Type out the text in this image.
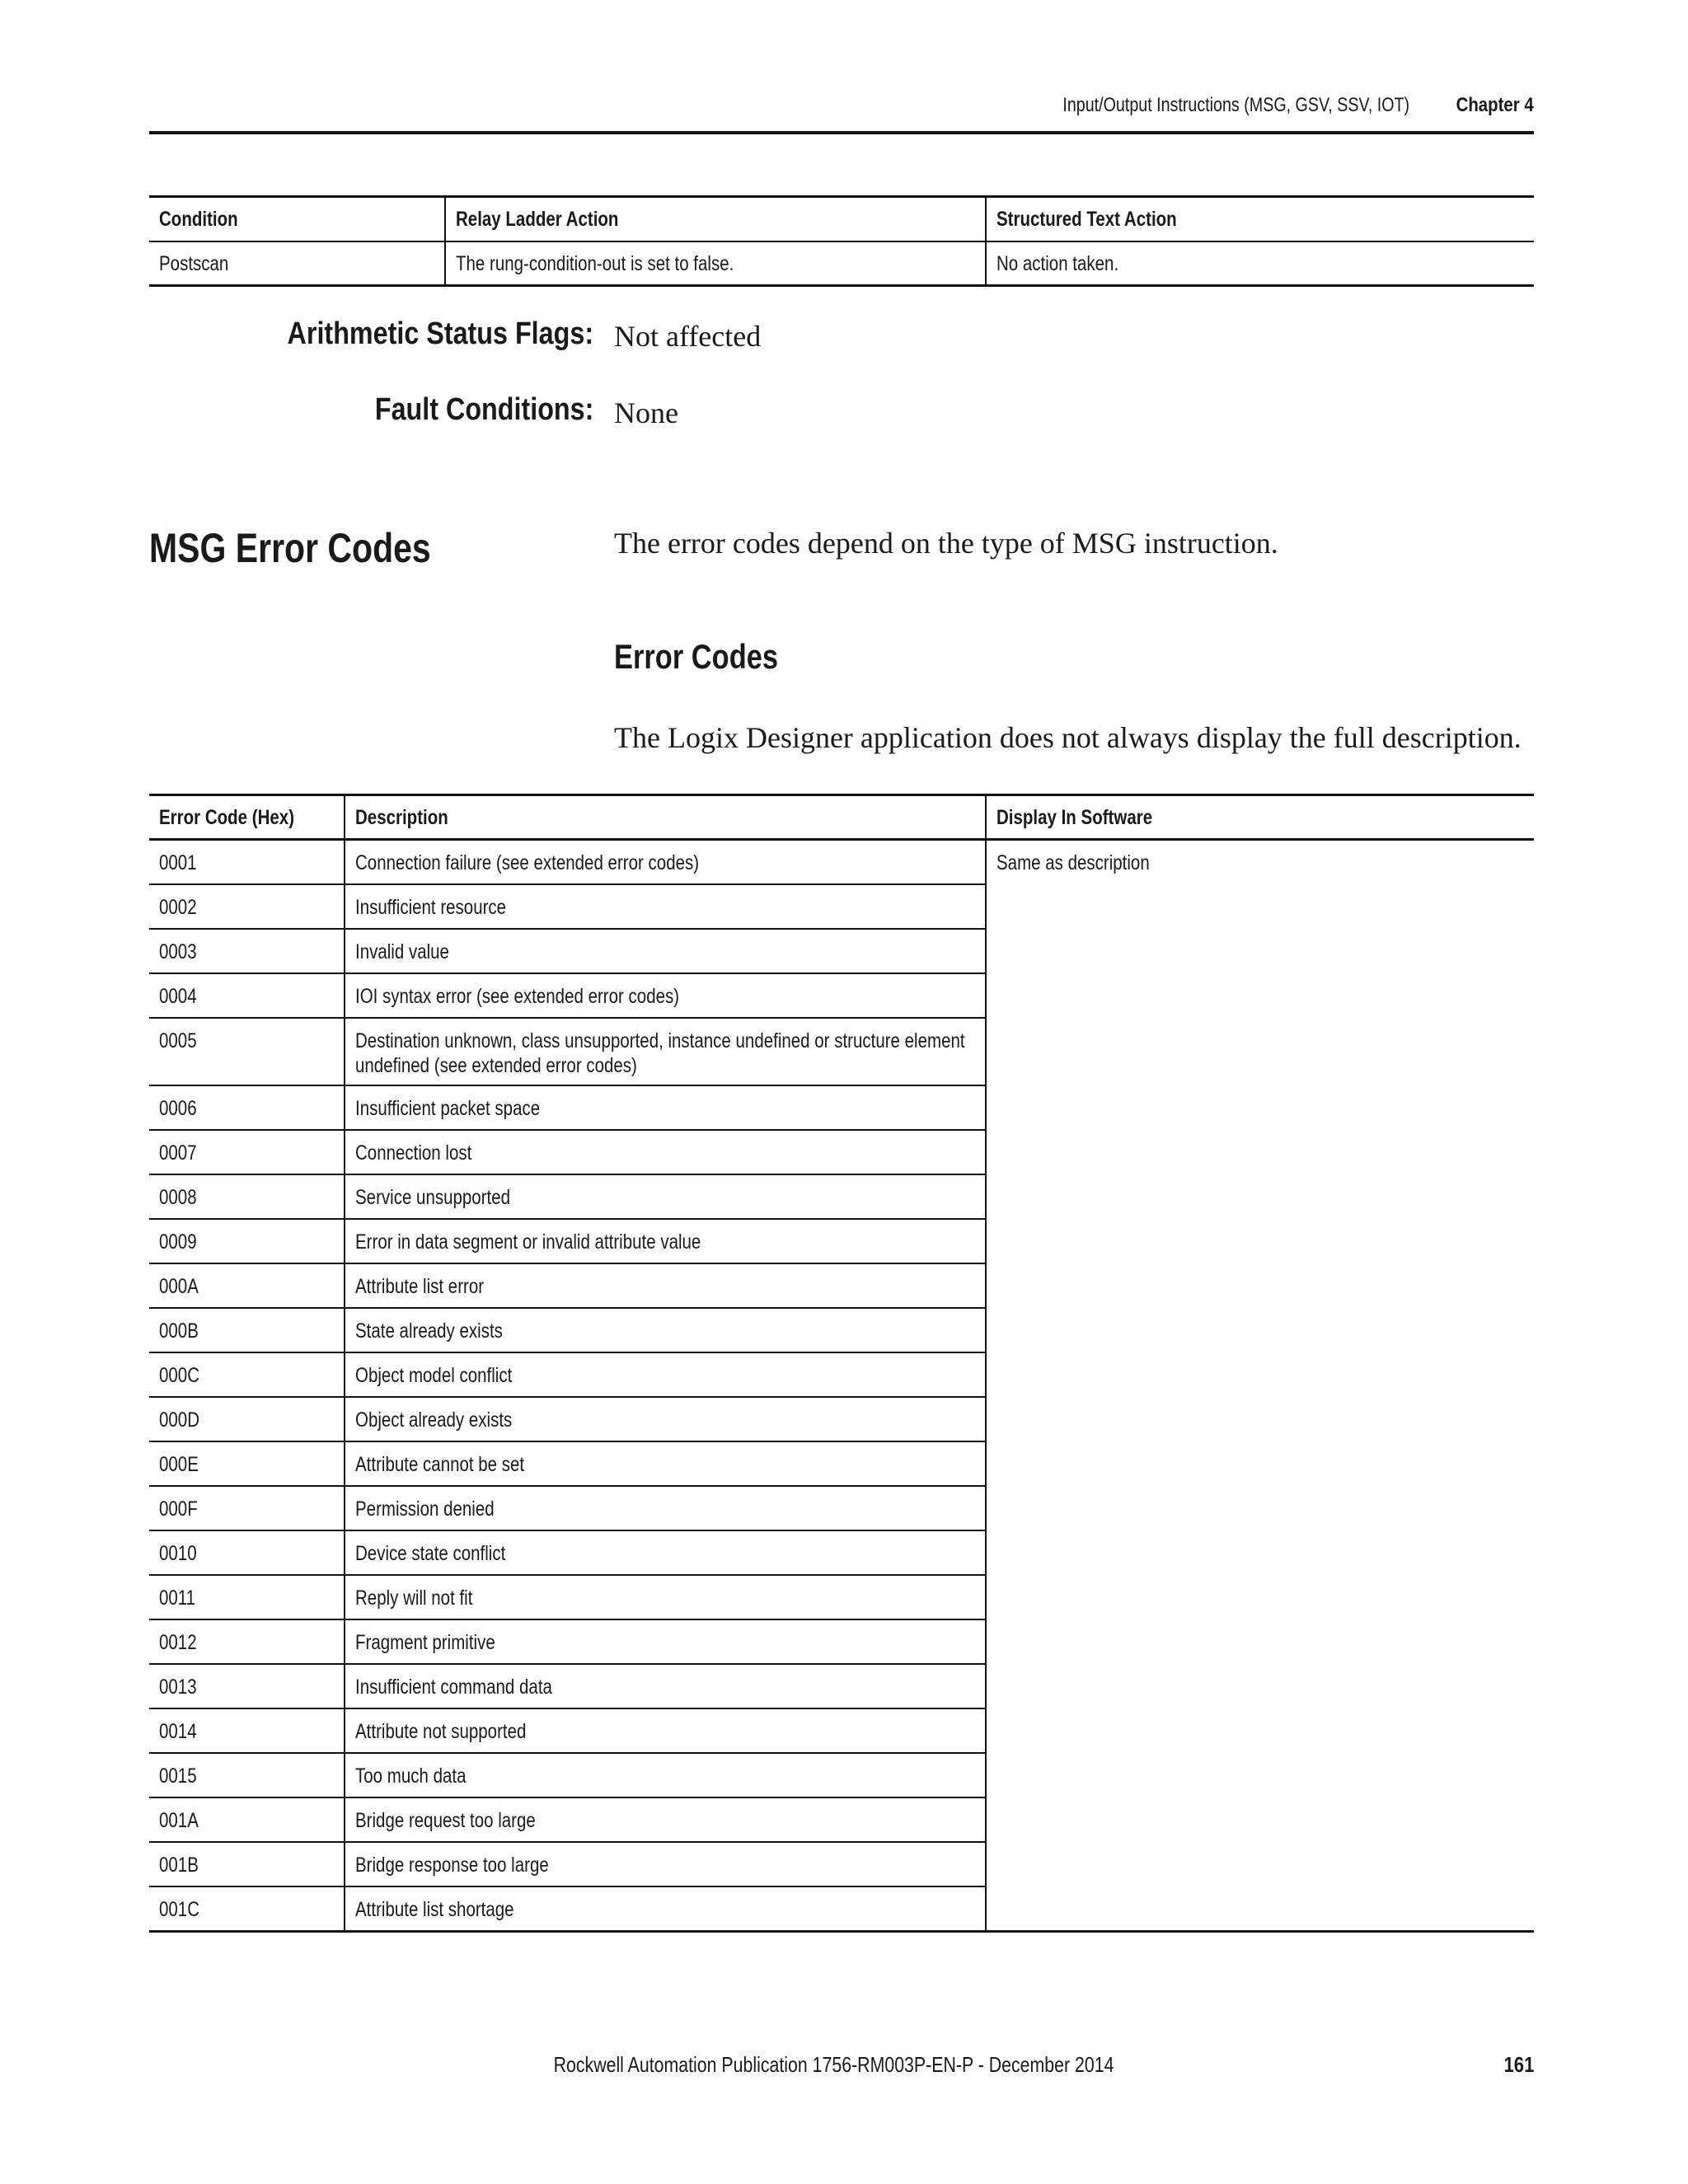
Input/Output Instructions (MSG, GSV, SSV, IOT) Chapter 4
Condition	Relay Ladder Action	Structured Text Action
Postscan	The rung-condition-out is set to false.	No action taken.
Arithmetic Status Flags: Not affected
Fault Conditions: None
MSG Error Codes	The error codes depend on the type of MSG instruction.
Error Codes
The Logix Designer application does not always display the full description.
Error Code (Hex)	Description	Display In Software
0001	Connection failure (see extended error codes)	Same as description
0002	Insufficient resource	

0003	Invalid value	

0004	IOI syntax error (see extended error codes)	

0005	Destination unknown, class unsupported, instance undefined or structure element undefined (see extended error codes)	

0006	Insufficient packet space	

0007	Connection lost	

0008	Service unsupported	

0009	Error in data segment or invalid attribute value	

000A	Attribute list error	

000B	State already exists	

000C	Object model conflict	

000D	Object already exists	

000E	Attribute cannot be set	

000F	Permission denied	

0010	Device state conflict	

0011	Reply will not fit	

0012	Fragment primitive	

0013	Insufficient command data	

0014	Attribute not supported	

0015	Too much data	

001A	Bridge request too large	

001B	Bridge response too large	

001C	Attribute list shortage	
Rockwell Automation Publication 1756-RM003P-EN-P - December 2014	161
